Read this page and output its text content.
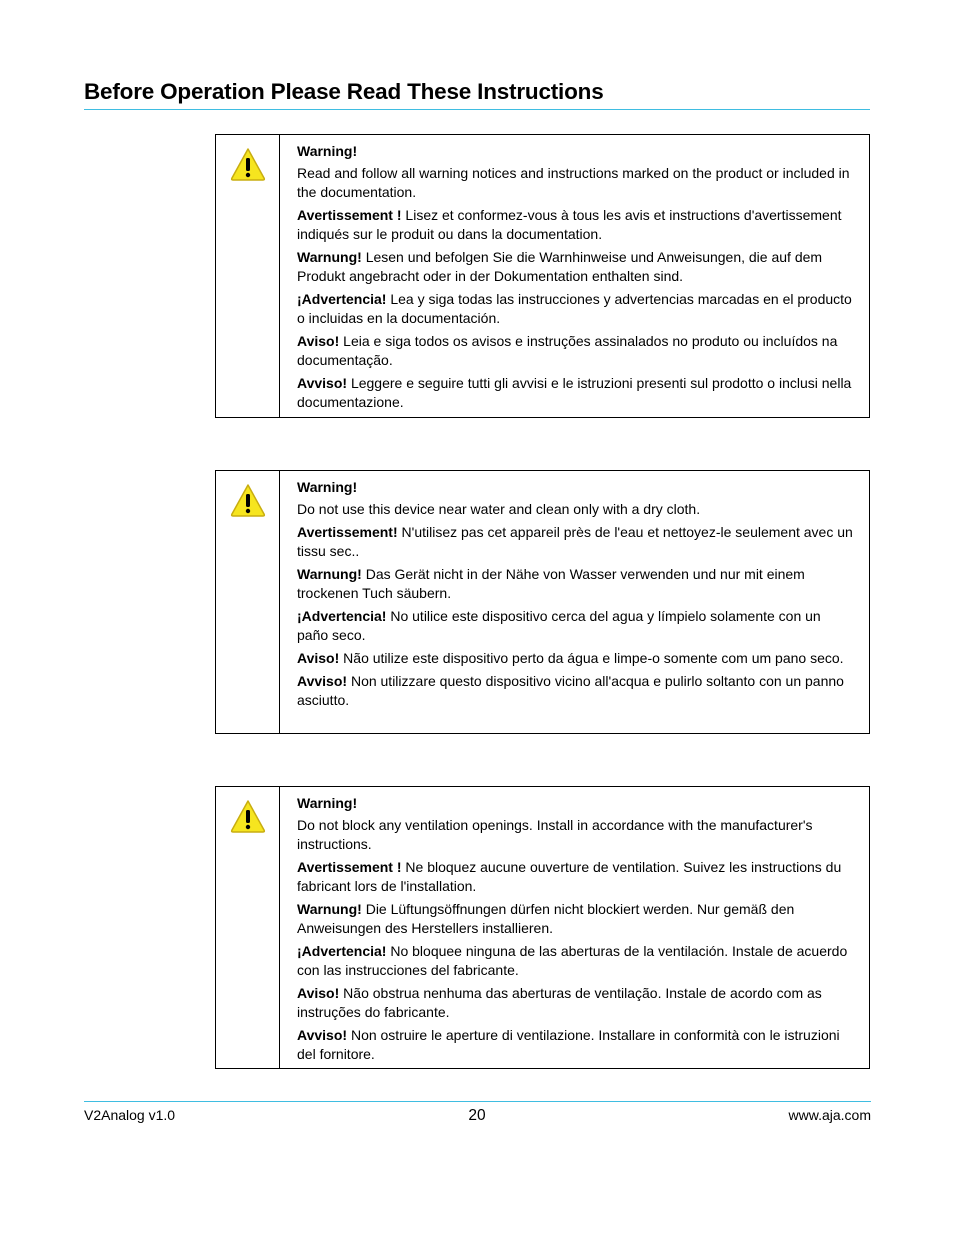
Before Operation Please Read These Instructions
Warning!
Read and follow all warning notices and instructions marked on the product or included in the documentation.
Avertissement ! Lisez et conformez-vous à tous les avis et instructions d'avertissement indiqués sur le produit ou dans la documentation.
Warnung! Lesen und befolgen Sie die Warnhinweise und Anweisungen, die auf dem Produkt angebracht oder in der Dokumentation enthalten sind.
¡Advertencia! Lea y siga todas las instrucciones y advertencias marcadas en el producto o incluidas en la documentación.
Aviso! Leia e siga todos os avisos e instruções assinalados no produto ou incluídos na documentação.
Avviso! Leggere e seguire tutti gli avvisi e le istruzioni presenti sul prodotto o inclusi nella documentazione.
Warning!
Do not use this device near water and clean only with a dry cloth.
Avertissement! N'utilisez pas cet appareil près de l'eau et nettoyez-le seulement avec un tissu sec..
Warnung! Das Gerät nicht in der Nähe von Wasser verwenden und nur mit einem trockenen Tuch säubern.
¡Advertencia! No utilice este dispositivo cerca del agua y límpielo solamente con un paño seco.
Aviso! Não utilize este dispositivo perto da água e limpe-o somente com um pano seco.
Avviso! Non utilizzare questo dispositivo vicino all'acqua e pulirlo soltanto con un panno asciutto.
Warning!
Do not block any ventilation openings. Install in accordance with the manufacturer's instructions.
Avertissement ! Ne bloquez aucune ouverture de ventilation. Suivez les instructions du fabricant lors de l'installation.
Warnung! Die Lüftungsöffnungen dürfen nicht blockiert werden. Nur gemäß den Anweisungen des Herstellers installieren.
¡Advertencia! No bloquee ninguna de las aberturas de la ventilación. Instale de acuerdo con las instrucciones del fabricante.
Aviso! Não obstrua nenhuma das aberturas de ventilação. Instale de acordo com as instruções do fabricante.
Avviso! Non ostruire le aperture di ventilazione. Installare in conformità con le istruzioni del fornitore.
V2Analog v1.0	20	www.aja.com
